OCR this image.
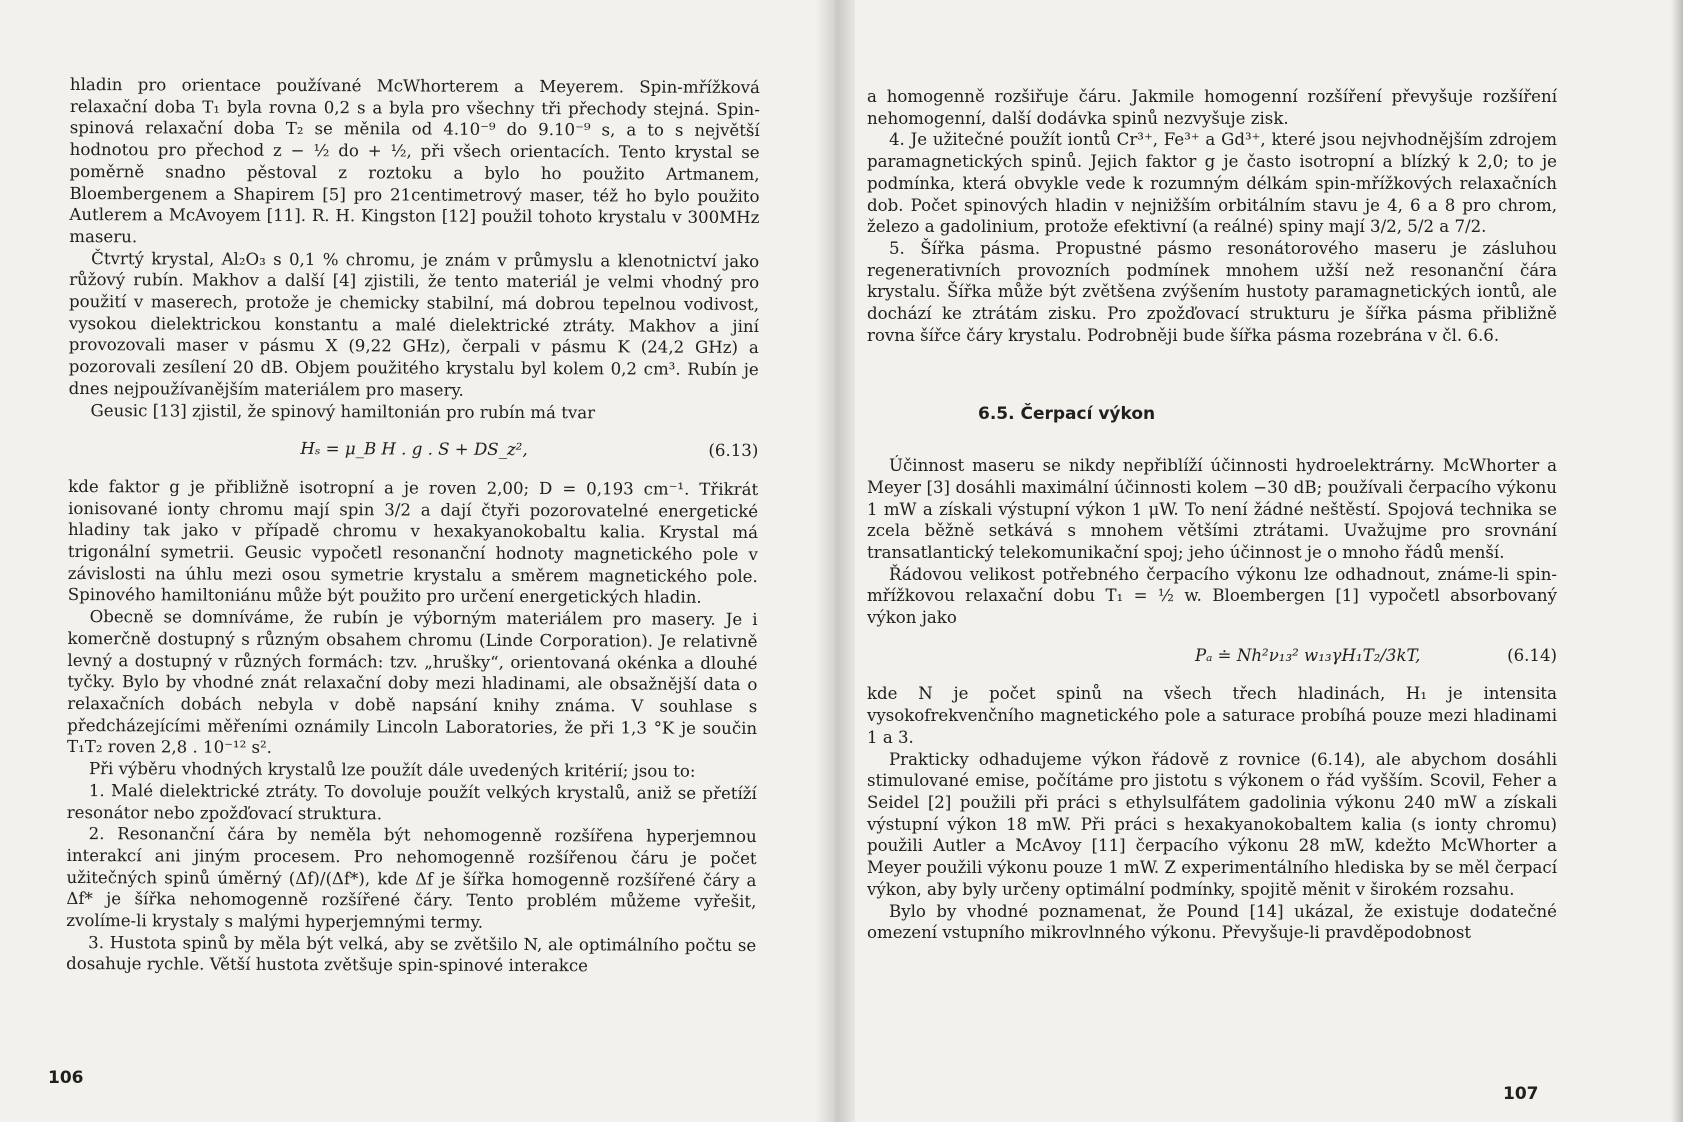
hladin pro orientace používané McWhorterem a Meyerem. Spin-mřížková relaxační doba T₁ byla rovna 0,2 s a byla pro všechny tři přechody stejná. Spin-spinová relaxační doba T₂ se měnila od 4.10⁻⁹ do 9.10⁻⁹ s, a to s největší hodnotou pro přechod z − ½ do + ½, při všech orientacích. Tento krystal se poměrně snadno pěstoval z roztoku a bylo ho použito Artmanem, Bloembergenem a Shapirem [5] pro 21centimetrový maser, též ho bylo použito Autlerem a McAvoyem [11]. R. H. Kingston [12] použil tohoto krystalu v 300MHz maseru.

Čtvrtý krystal, Al₂O₃ s 0,1 % chromu, je znám v průmyslu a klenotnictví jako růžový rubín. Makhov a další [4] zjistili, že tento materiál je velmi vhodný pro použití v maserech, protože je chemicky stabilní, má dobrou tepelnou vodivost, vysokou dielektrickou konstantu a malé dielektrické ztráty. Makhov a jiní provozovali maser v pásmu X (9,22 GHz), čerpali v pásmu K (24,2 GHz) a pozorovali zesílení 20 dB. Objem použitého krystalu byl kolem 0,2 cm³. Rubín je dnes nejpoužívanějším materiálem pro masery.

Geusic [13] zjistil, že spinový hamiltonián pro rubín má tvar

Hₛ = μ_B H . g . S + DS_z²,	(6.13)

kde faktor g je přibližně isotropní a je roven 2,00; D = 0,193 cm⁻¹. Třikrát ionisované ionty chromu mají spin 3/2 a dají čtyři pozorovatelné energetické hladiny tak jako v případě chromu v hexakyanokobaltu kalia. Krystal má trigonální symetrii. Geusic vypočetl resonanční hodnoty magnetického pole v závislosti na úhlu mezi osou symetrie krystalu a směrem magnetického pole. Spinového hamiltoniánu může být použito pro určení energetických hladin.

Obecně se domníváme, že rubín je výborným materiálem pro masery. Je i komerčně dostupný s různým obsahem chromu (Linde Corporation). Je relativně levný a dostupný v různých formách: tzv. „hrušky“, orientovaná okénka a dlouhé tyčky. Bylo by vhodné znát relaxační doby mezi hladinami, ale obsažnější data o relaxačních dobách nebyla v době napsání knihy známa. V souhlase s předcházejícími měřeními oznámily Lincoln Laboratories, že při 1,3 °K je součin T₁T₂ roven 2,8 . 10⁻¹² s².

Při výběru vhodných krystalů lze použít dále uvedených kritérií; jsou to:

1. Malé dielektrické ztráty. To dovoluje použít velkých krystalů, aniž se přetíží resonátor nebo zpožďovací struktura.

2. Resonanční čára by neměla být nehomogenně rozšířena hyperjemnou interakcí ani jiným procesem. Pro nehomogenně rozšířenou čáru je počet užitečných spinů úměrný (Δf)/(Δf*), kde Δf je šířka homogenně rozšířené čáry a Δf* je šířka nehomogenně rozšířené čáry. Tento problém můžeme vyřešit, zvolíme-li krystaly s malými hyperjemnými termy.

3. Hustota spinů by měla být velká, aby se zvětšilo N, ale optimálního počtu se dosahuje rychle. Větší hustota zvětšuje spin-spinové interakce

106

a homogenně rozšiřuje čáru. Jakmile homogenní rozšíření převyšuje rozšíření nehomogenní, další dodávka spinů nezvyšuje zisk.

4. Je užitečné použít iontů Cr³⁺, Fe³⁺ a Gd³⁺, které jsou nejvhodnějším zdrojem paramagnetických spinů. Jejich faktor g je často isotropní a blízký k 2,0; to je podmínka, která obvykle vede k rozumným délkám spin-mřížkových relaxačních dob. Počet spinových hladin v nejnižším orbitálním stavu je 4, 6 a 8 pro chrom, železo a gadolinium, protože efektivní (a reálné) spiny mají 3/2, 5/2 a 7/2.

5. Šířka pásma. Propustné pásmo resonátorového maseru je zásluhou regenerativních provozních podmínek mnohem užší než resonanční čára krystalu. Šířka může být zvětšena zvýšením hustoty paramagnetických iontů, ale dochází ke ztrátám zisku. Pro zpožďovací strukturu je šířka pásma přibližně rovna šířce čáry krystalu. Podrobněji bude šířka pásma rozebrána v čl. 6.6.

6.5. Čerpací výkon

Účinnost maseru se nikdy nepřiblíží účinnosti hydroelektrárny. McWhorter a Meyer [3] dosáhli maximální účinnosti kolem −30 dB; používali čerpacího výkonu 1 mW a získali výstupní výkon 1 μW. To není žádné neštěstí. Spojová technika se zcela běžně setkává s mnohem většími ztrátami. Uvažujme pro srovnání transatlantický telekomunikační spoj; jeho účinnost je o mnoho řádů menší.

Řádovou velikost potřebného čerpacího výkonu lze odhadnout, známe-li spin-mřížkovou relaxační dobu T₁ = ½ w. Bloembergen [1] vypočetl absorbovaný výkon jako

Pₐ ≐ Nh²ν₁₃² w₁₃γH₁T₂/3kT,	(6.14)

kde N je počet spinů na všech třech hladinách, H₁ je intensita vysokofrekvenčního magnetického pole a saturace probíhá pouze mezi hladinami 1 a 3.

Prakticky odhadujeme výkon řádově z rovnice (6.14), ale abychom dosáhli stimulované emise, počítáme pro jistotu s výkonem o řád vyšším. Scovil, Feher a Seidel [2] použili při práci s ethylsulfátem gadolinia výkonu 240 mW a získali výstupní výkon 18 mW. Při práci s hexakyanokobaltem kalia (s ionty chromu) použili Autler a McAvoy [11] čerpacího výkonu 28 mW, kdežto McWhorter a Meyer použili výkonu pouze 1 mW. Z experimentálního hlediska by se měl čerpací výkon, aby byly určeny optimální podmínky, spojitě měnit v širokém rozsahu.

Bylo by vhodné poznamenat, že Pound [14] ukázal, že existuje dodatečné omezení vstupního mikrovlnného výkonu. Převyšuje-li pravděpodobnost

107
